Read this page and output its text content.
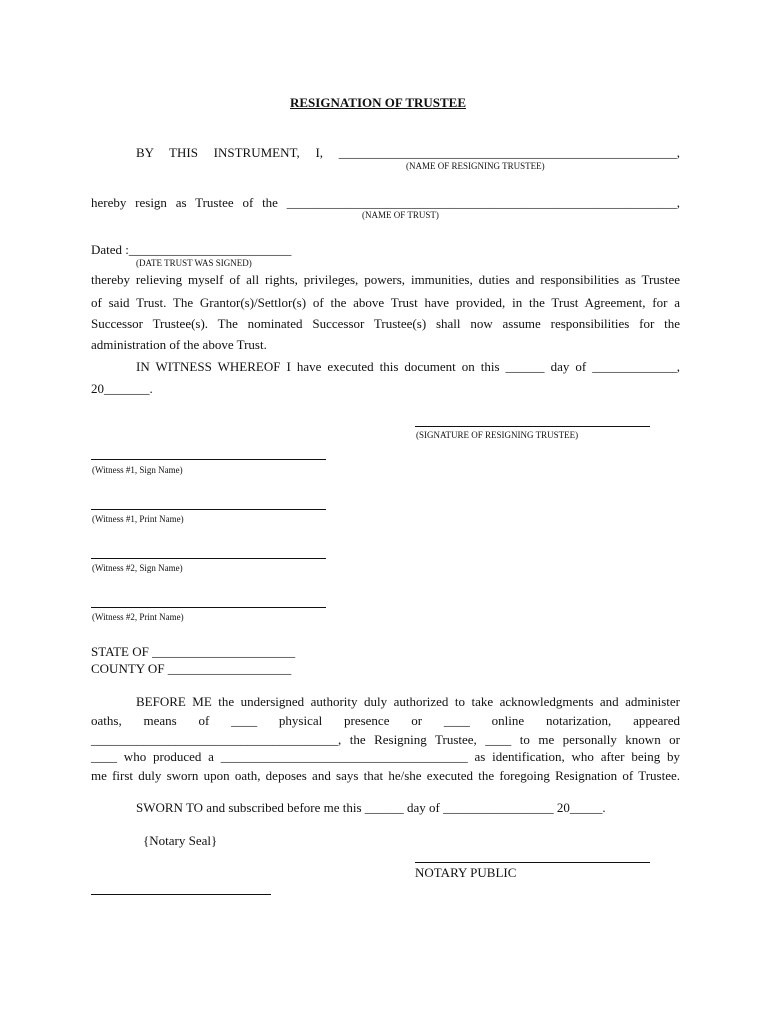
RESIGNATION OF TRUSTEE
BY THIS INSTRUMENT, I, ____________________________________________________,
(NAME OF RESIGNING TRUSTEE)
hereby resign as Trustee of the ____________________________________________________________,
(NAME OF TRUST)
Dated :_________________________
(DATE TRUST WAS SIGNED)
thereby relieving myself of all rights, privileges, powers, immunities, duties and responsibilities as Trustee
of said Trust. The Grantor(s)/Settlor(s) of the above Trust have provided, in the Trust Agreement, for a
Successor Trustee(s). The nominated Successor Trustee(s) shall now assume responsibilities for the
administration of the above Trust.
IN WITNESS WHEREOF I have executed this document on this ______ day of _____________,
20_______.
(SIGNATURE OF RESIGNING TRUSTEE)
(Witness #1, Sign Name)
(Witness #1, Print Name)
(Witness #2, Sign Name)
(Witness #2, Print Name)
STATE OF ______________________
COUNTY OF ___________________
BEFORE ME the undersigned authority duly authorized to take acknowledgments and administer
oaths, means of ____ physical presence or ____ online notarization, appeared
______________________________________, the Resigning Trustee, ____ to me personally known or
____ who produced a ______________________________________ as identification, who after being by
me first duly sworn upon oath, deposes and says that he/she executed the foregoing Resignation of Trustee.
SWORN TO and subscribed before me this ______ day of _________________ 20_____.
{Notary Seal}
NOTARY PUBLIC
